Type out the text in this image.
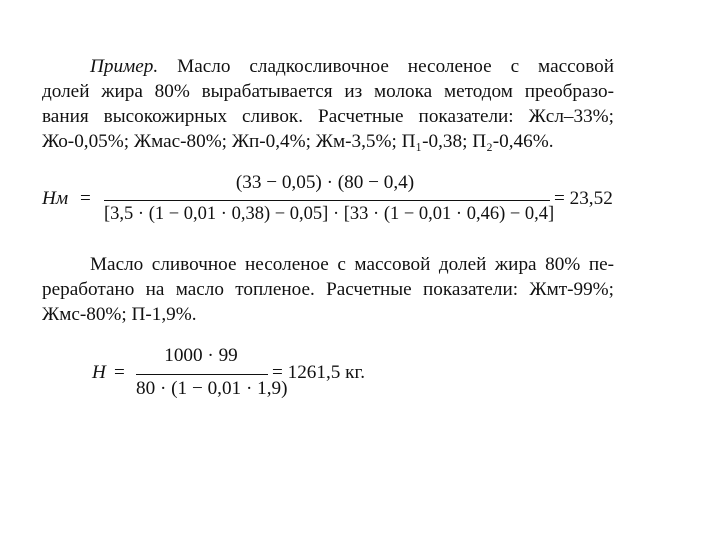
Пример. Масло сладкосливочное несоленое с массовой
долей жира 80% вырабатывается из молока методом преобразо-
вания высокожирных сливок. Расчетные показатели: Жсл–33%;
Жо-0,05%; Жмас-80%; Жп-0,4%; Жм-3,5%; П₁-0,38; П₂-0,46%.
Нм =
(33 − 0,05) · (80 − 0,4)
[3,5 · (1 − 0,01 · 0,38) − 0,05] · [33 · (1 − 0,01 · 0,46) − 0,4]
= 23,52
Масло сливочное несоленое с массовой долей жира 80% пе-
реработано на масло топленое. Расчетные показатели: Жмт-99%;
Жмс-80%; П-1,9%.
Н =
1000 · 99
80 · (1 − 0,01 · 1,9)
= 1261,5 кг.
